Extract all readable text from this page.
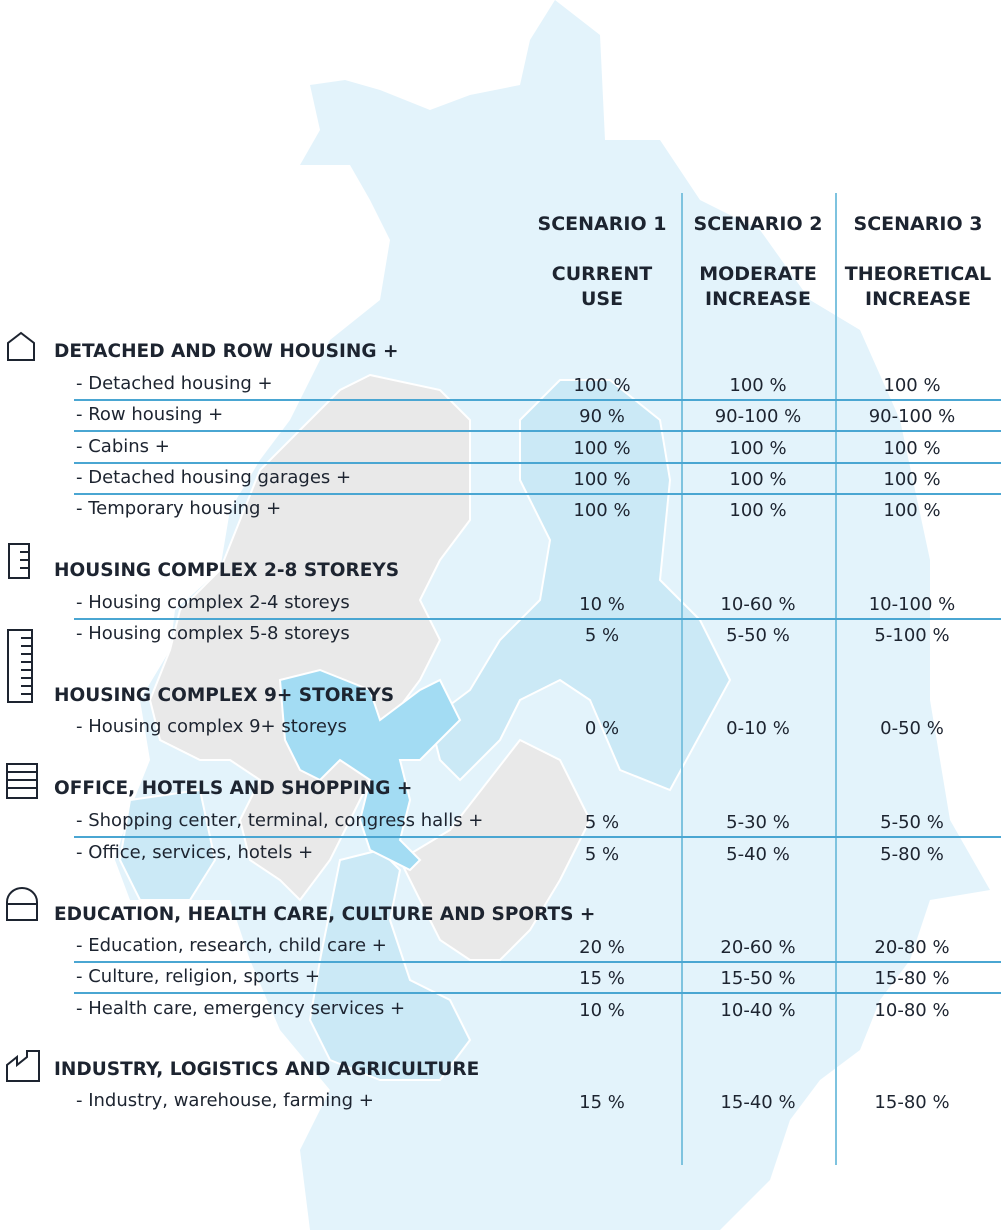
SCENARIO 1
CURRENT
USE
SCENARIO 2
MODERATE
INCREASE
SCENARIO 3
THEORETICAL
INCREASE
DETACHED AND ROW HOUSING +
- Detached housing +	100 %	100 %	100 %
- Row housing +	90 %	90-100 %	90-100 %
- Cabins +	100 %	100 %	100 %
- Detached housing garages +	100 %	100 %	100 %
- Temporary housing +	100 %	100 %	100 %
HOUSING COMPLEX 2-8 STOREYS
- Housing complex 2-4 storeys	10 %	10-60 %	10-100 %
- Housing complex 5-8 storeys	5 %	5-50 %	5-100 %
HOUSING COMPLEX 9+ STOREYS
- Housing complex 9+ storeys	0 %	0-10 %	0-50 %
OFFICE, HOTELS AND SHOPPING +
- Shopping center, terminal, congress halls +	5 %	5-30 %	5-50 %
- Office, services, hotels +	5 %	5-40 %	5-80 %
EDUCATION, HEALTH CARE, CULTURE AND SPORTS +
- Education, research, child care +	20 %	20-60 %	20-80 %
- Culture, religion, sports +	15 %	15-50 %	15-80 %
- Health care, emergency services +	10 %	10-40 %	10-80 %
INDUSTRY, LOGISTICS AND AGRICULTURE
- Industry, warehouse, farming +	15 %	15-40 %	15-80 %
